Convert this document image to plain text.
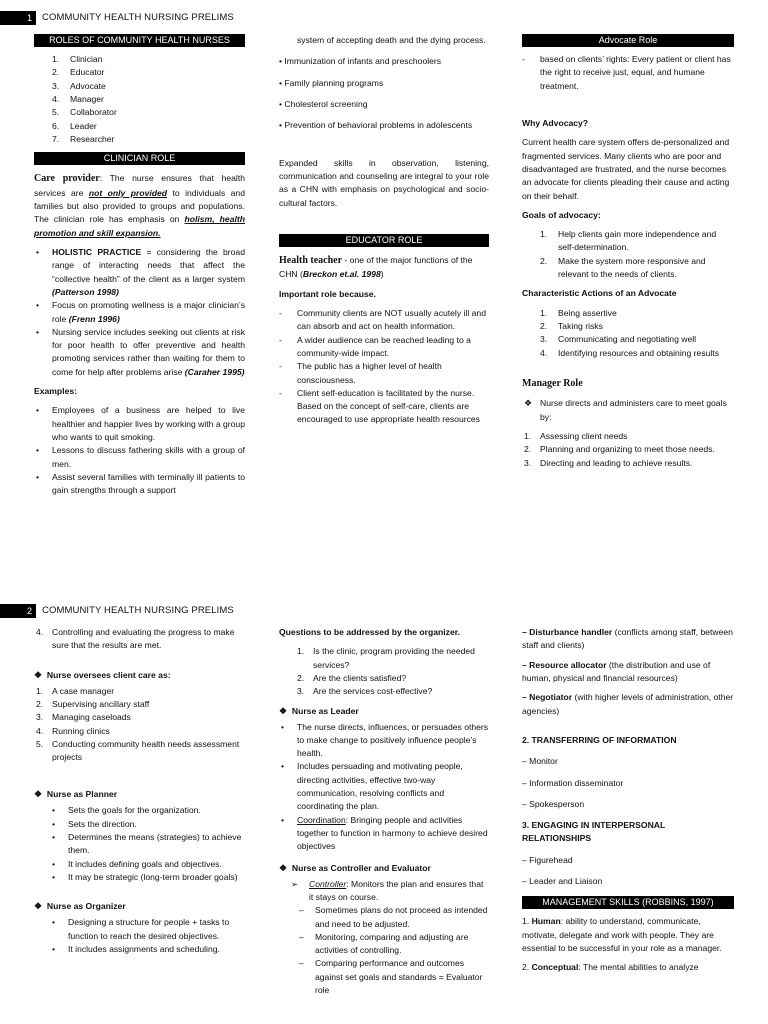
1	COMMUNITY HEALTH NURSING PRELIMS
ROLES OF COMMUNITY HEALTH NURSES
1. Clinician
2. Educator
3. Advocate
4. Manager
5. Collaborator
6. Leader
7. Researcher
CLINICIAN ROLE

Care provider: The nurse ensures that health services are not only provided to individuals and families but also provided to groups and populations. The clinician role has emphasis on holism, health promotion and skill expansion.

• HOLISTIC PRACTICE = considering the broad range of interacting needs that affect the “collective health” of the client as a larger system (Patterson 1998)
• Focus on promoting wellness is a major clinician’s role (Frenn 1996)
• Nursing service includes seeking out clients at risk for poor health to offer preventive and health promoting services rather than waiting for them to come for help after problems arise (Caraher 1995)

Examples:

• Employees of a business are helped to live healthier and happier lives by working with a group who wants to quit smoking.
• Lessons to discuss fathering skills with a group of men.
• Assist several families with terminally ill patients to gain strengths through a support

system of accepting death and the dying process.

• Immunization of infants and preschoolers

• Family planning programs

• Cholesterol screening

• Prevention of behavioral problems in adolescents

Expanded skills in observation, listening, communication and counseling are integral to your role as a CHN with emphasis on psychological and socio-cultural factors.

EDUCATOR ROLE

Health teacher - one of the major functions of the CHN (Breckon et.al. 1998)

Important role because.

- Community clients are NOT usually acutely ill and can absorb and act on health information.
- A wider audience can be reached leading to a community-wide impact.
- The public has a higher level of health consciousness.
- Client self-education is facilitated by the nurse. Based on the concept of self-care, clients are encouraged to use appropriate health resources
Advocate Role
- based on clients’ rights: Every patient or client has the right to receive just, equal, and humane treatment.

Why Advocacy?

Current health care system offers de-personalized and fragmented services. Many clients who are poor and disadvantaged are frustrated, and the nurse becomes an advocate for clients pleading their cause and acting on their behalf.

Goals of advocacy:

1. Help clients gain more independence and self-determination.
2. Make the system more responsive and relevant to the needs of clients.

Characteristic Actions of an Advocate

1. Being assertive
2. Taking risks
3. Communicating and negotiating well
4. Identifying resources and obtaining results

Manager Role

❖ Nurse directs and administers care to meet goals by:
1. Assessing client needs
2. Planning and organizing to meet those needs.
3. Directing and leading to achieve results.
2	COMMUNITY HEALTH NURSING PRELIMS
4. Controlling and evaluating the progress to make sure that the results are met.

❖ Nurse oversees client care as:

1. A case manager
2. Supervising ancillary staff
3. Managing caseloads
4. Running clinics
5. Conducting community health needs assessment projects

❖ Nurse as Planner

• Sets the goals for the organization.
• Sets the direction.
• Determines the means (strategies) to achieve them.
• It includes defining goals and objectives.
• It may be strategic (long-term broader goals)

❖ Nurse as Organizer

• Designing a structure for people + tasks to function to reach the desired objectives.
• It includes assignments and scheduling.

Questions to be addressed by the organizer.

1. Is the clinic, program providing the needed services?
2. Are the clients satisfied?
3. Are the services cost-effective?

❖ Nurse as Leader

• The nurse directs, influences, or persuades others to make change to positively influence people’s health.
• Includes persuading and motivating people, directing activities, effective two-way communication, resolving conflicts and coordinating the plan.
• Coordination: Bringing people and activities together to function in harmony to achieve desired objectives

❖ Nurse as Controller and Evaluator

➢ Controller: Monitors the plan and ensures that it stays on course.
– Sometimes plans do not proceed as intended and need to be adjusted.
– Monitoring, comparing and adjusting are activities of controlling.
– Comparing performance and outcomes against set goals and standards = Evaluator role

– Disturbance handler (conflicts among staff, between staff and clients)

– Resource allocator (the distribution and use of human, physical and financial resources)

– Negotiator (with higher levels of administration, other agencies)

2. TRANSFERRING OF INFORMATION

– Monitor

– Information disseminator

– Spokesperson

3. ENGAGING IN INTERPERSONAL RELATIONSHIPS

– Figurehead

– Leader and Liaison

MANAGEMENT SKILLS (ROBBINS, 1997)

1. Human: ability to understand, communicate, motivate, delegate and work with people. They are essential to be successful in your role as a manager.

2. Conceptual: The mental abilities to analyze
